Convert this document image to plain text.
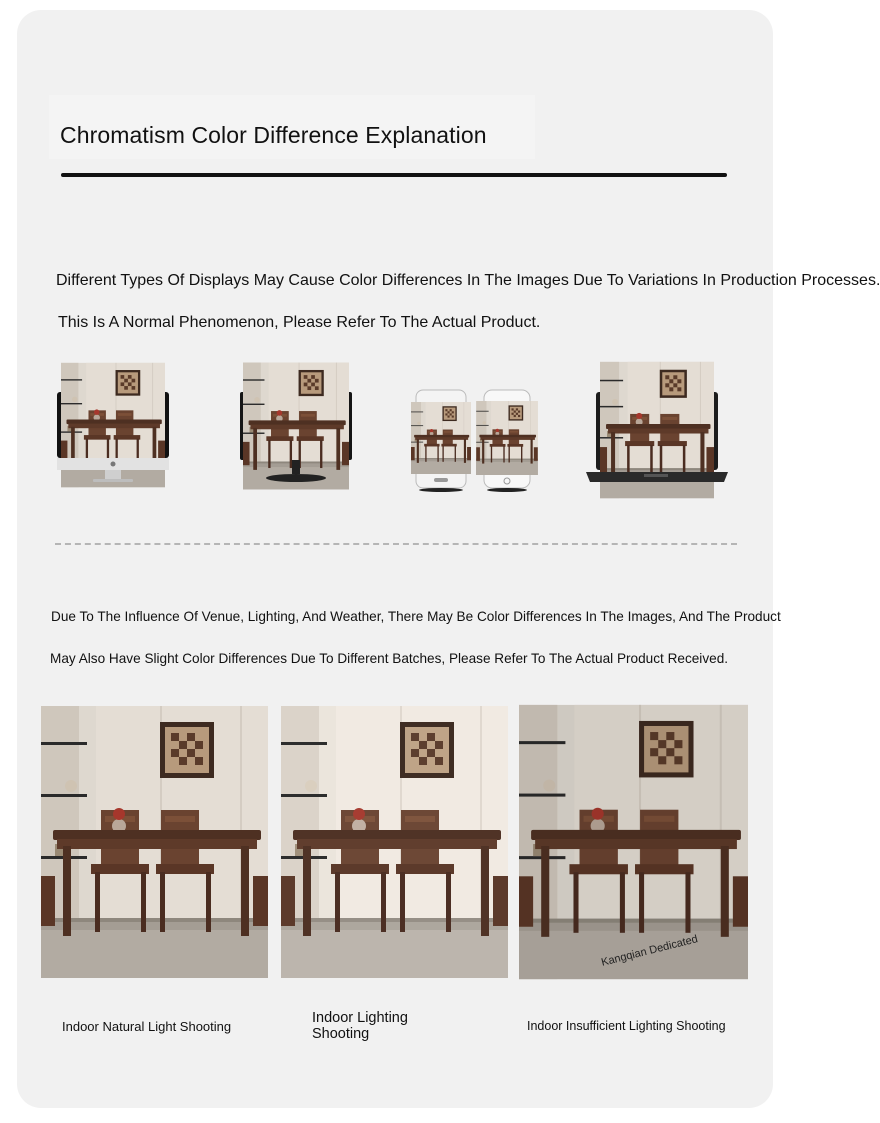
Chromatism Color Difference Explanation
Different Types Of Displays May Cause Color Differences In The Images Due To Variations In Production Processes.
This Is A Normal Phenomenon, Please Refer To The Actual Product.
Due To The Influence Of Venue, Lighting, And Weather, There May Be Color Differences In The Images, And The Product
May Also Have Slight Color Differences Due To Different Batches, Please Refer To The Actual Product Received.
Kangqian Dedicated
Indoor Natural Light Shooting
Indoor Lighting Shooting	Indoor Insufficient Lighting Shooting
